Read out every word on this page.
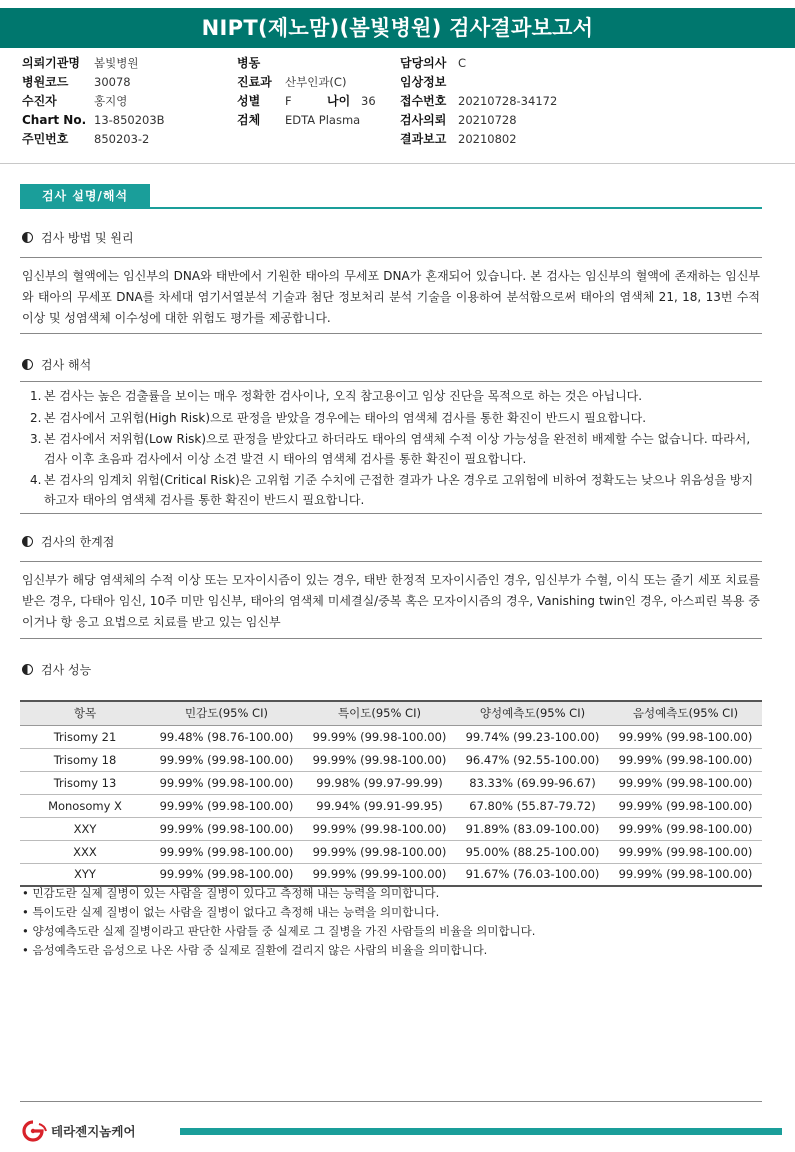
NIPT(제노맘)(봄빛병원) 검사결과보고서
의뢰기관명 봄빛병원
병원코드 30078
수진자	홍지영
Chart No. 13-850203B
주민번호 850203-2
병동
진료과 산부인과(C)
성별 F	나이 36

검체 EDTA Plasma
담당의사 C
임상정보
접수번호 20210728-34172
검사의뢰 20210728
결과보고 20210802
검사 설명/해석
검사 방법 및 원리
임신부의 혈액에는 임신부의 DNA와 태반에서 기원한 태아의 무세포 DNA가 혼재되어 있습니다. 본 검사는 임신부의 혈액에 존재하는 임신부와 태아의 무세포 DNA를 차세대 염기서열분석 기술과 첨단 정보처리 분석 기술을 이용하여 분석함으로써 태아의 염색체 21, 18, 13번 수적 이상 및 성염색체 이수성에 대한 위험도 평가를 제공합니다.
검사 해석
1. 본 검사는 높은 검출률을 보이는 매우 정확한 검사이나, 오직 참고용이고 임상 진단을 목적으로 하는 것은 아닙니다.
2. 본 검사에서 고위험(High Risk)으로 판정을 받았을 경우에는 태아의 염색체 검사를 통한 확진이 반드시 필요합니다.
3. 본 검사에서 저위험(Low Risk)으로 판정을 받았다고 하더라도 태아의 염색체 수적 이상 가능성을 완전히 배제할 수는 없습니다. 따라서, 검사 이후 초음파 검사에서 이상 소견 발견 시 태아의 염색체 검사를 통한 확진이 필요합니다.
4. 본 검사의 임계치 위험(Critical Risk)은 고위험 기준 수치에 근접한 결과가 나온 경우로 고위험에 비하여 정확도는 낮으나 위음성을 방지하고자 태아의 염색체 검사를 통한 확진이 반드시 필요합니다.
검사의 한계점
임신부가 해당 염색체의 수적 이상 또는 모자이시즘이 있는 경우, 태반 한정적 모자이시즘인 경우, 임신부가 수혈, 이식 또는 줄기 세포 치료를 받은 경우, 다태아 임신, 10주 미만 임신부, 태아의 염색체 미세결실/중복 혹은 모자이시즘의 경우, Vanishing twin인 경우, 아스피린 복용 중이거나 항 응고 요법으로 치료를 받고 있는 임신부
검사 성능
항목	민감도(95% CI)	특이도(95% CI)	양성예측도(95% CI)	음성예측도(95% CI)
Trisomy 21	99.48% (98.76-100.00)	99.99% (99.98-100.00)	99.74% (99.23-100.00)	99.99% (99.98-100.00)
Trisomy 18	99.99% (99.98-100.00)	99.99% (99.98-100.00)	96.47% (92.55-100.00)	99.99% (99.98-100.00)
Trisomy 13	99.99% (99.98-100.00)	99.98% (99.97-99.99)	83.33% (69.99-96.67)	99.99% (99.98-100.00)
Monosomy X	99.99% (99.98-100.00)	99.94% (99.91-99.95)	67.80% (55.87-79.72)	99.99% (99.98-100.00)
XXY	99.99% (99.98-100.00)	99.99% (99.98-100.00)	91.89% (83.09-100.00)	99.99% (99.98-100.00)
XXX	99.99% (99.98-100.00)	99.99% (99.98-100.00)	95.00% (88.25-100.00)	99.99% (99.98-100.00)
XYY	99.99% (99.98-100.00)	99.99% (99.99-100.00)	91.67% (76.03-100.00)	99.99% (99.98-100.00)
• 민감도란 실제 질병이 있는 사람을 질병이 있다고 측정해 내는 능력을 의미합니다.
• 특이도란 실제 질병이 없는 사람을 질병이 없다고 측정해 내는 능력을 의미합니다.
• 양성예측도란 실제 질병이라고 판단한 사람들 중 실제로 그 질병을 가진 사람들의 비율을 의미합니다.
• 음성예측도란 음성으로 나온 사람 중 실제로 질환에 걸리지 않은 사람의 비율을 의미합니다.
테라젠지놈케어
